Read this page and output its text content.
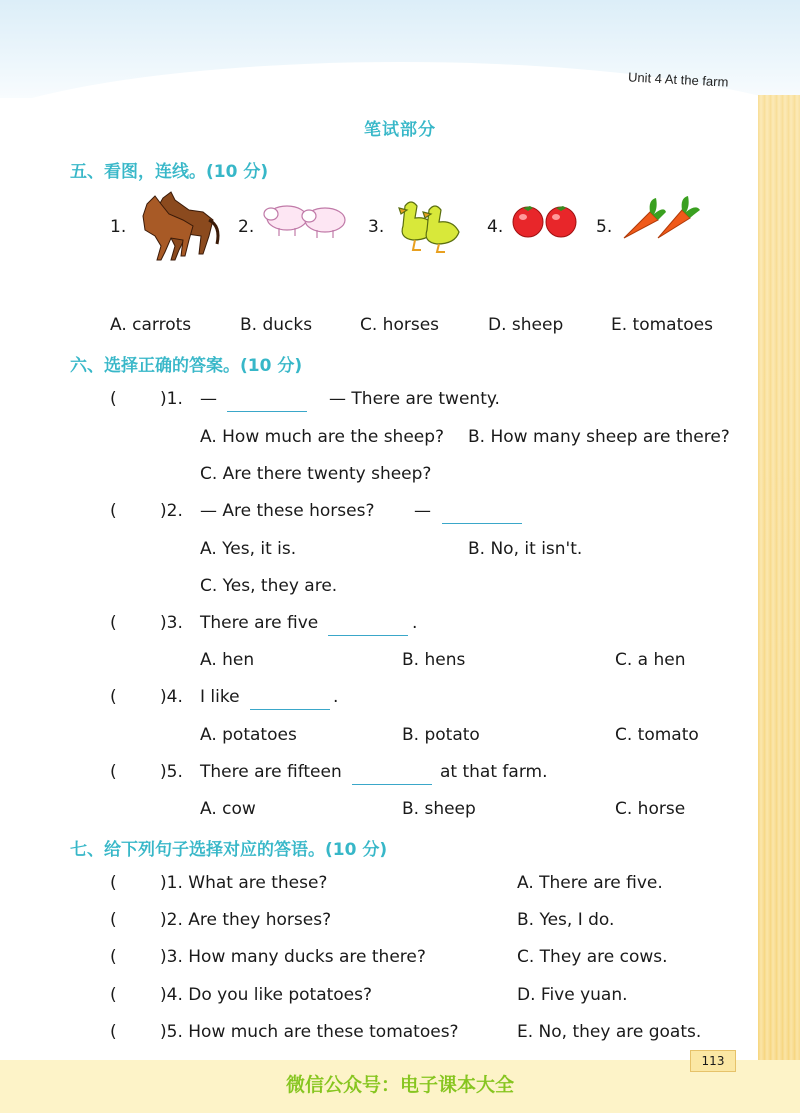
Unit 4 At the farm
笔试部分
五、看图，连线。(10 分)
1.	2.	3.	4.	5.
A. carrots	B. ducks	C. horses	D. sheep	E. tomatoes
六、选择正确的答案。(10 分)
(	)1. —	— There are twenty.
A. How much are the sheep? B. How many sheep are there?
C. Are there twenty sheep?
(	)2. — Are these horses? —
A. Yes, it is.	B. No, it isn't.
C. Yes, they are.
(	)3. There are five	.
A. hen	B. hens	C. a hen
(	)4. I like	.
A. potatoes	B. potato	C. tomato
(	)5. There are fifteen	at that farm.
A. cow	B. sheep	C. horse
七、给下列句子选择对应的答语。(10 分)
(	)1. What are these?	A. There are five.
(	)2. Are they horses?	B. Yes, I do.
(	)3. How many ducks are there?	C. They are cows.
(	)4. Do you like potatoes?	D. Five yuan.
(	)5. How much are these tomatoes?	E. No, they are goats.
113
微信公众号：电子课本大全
